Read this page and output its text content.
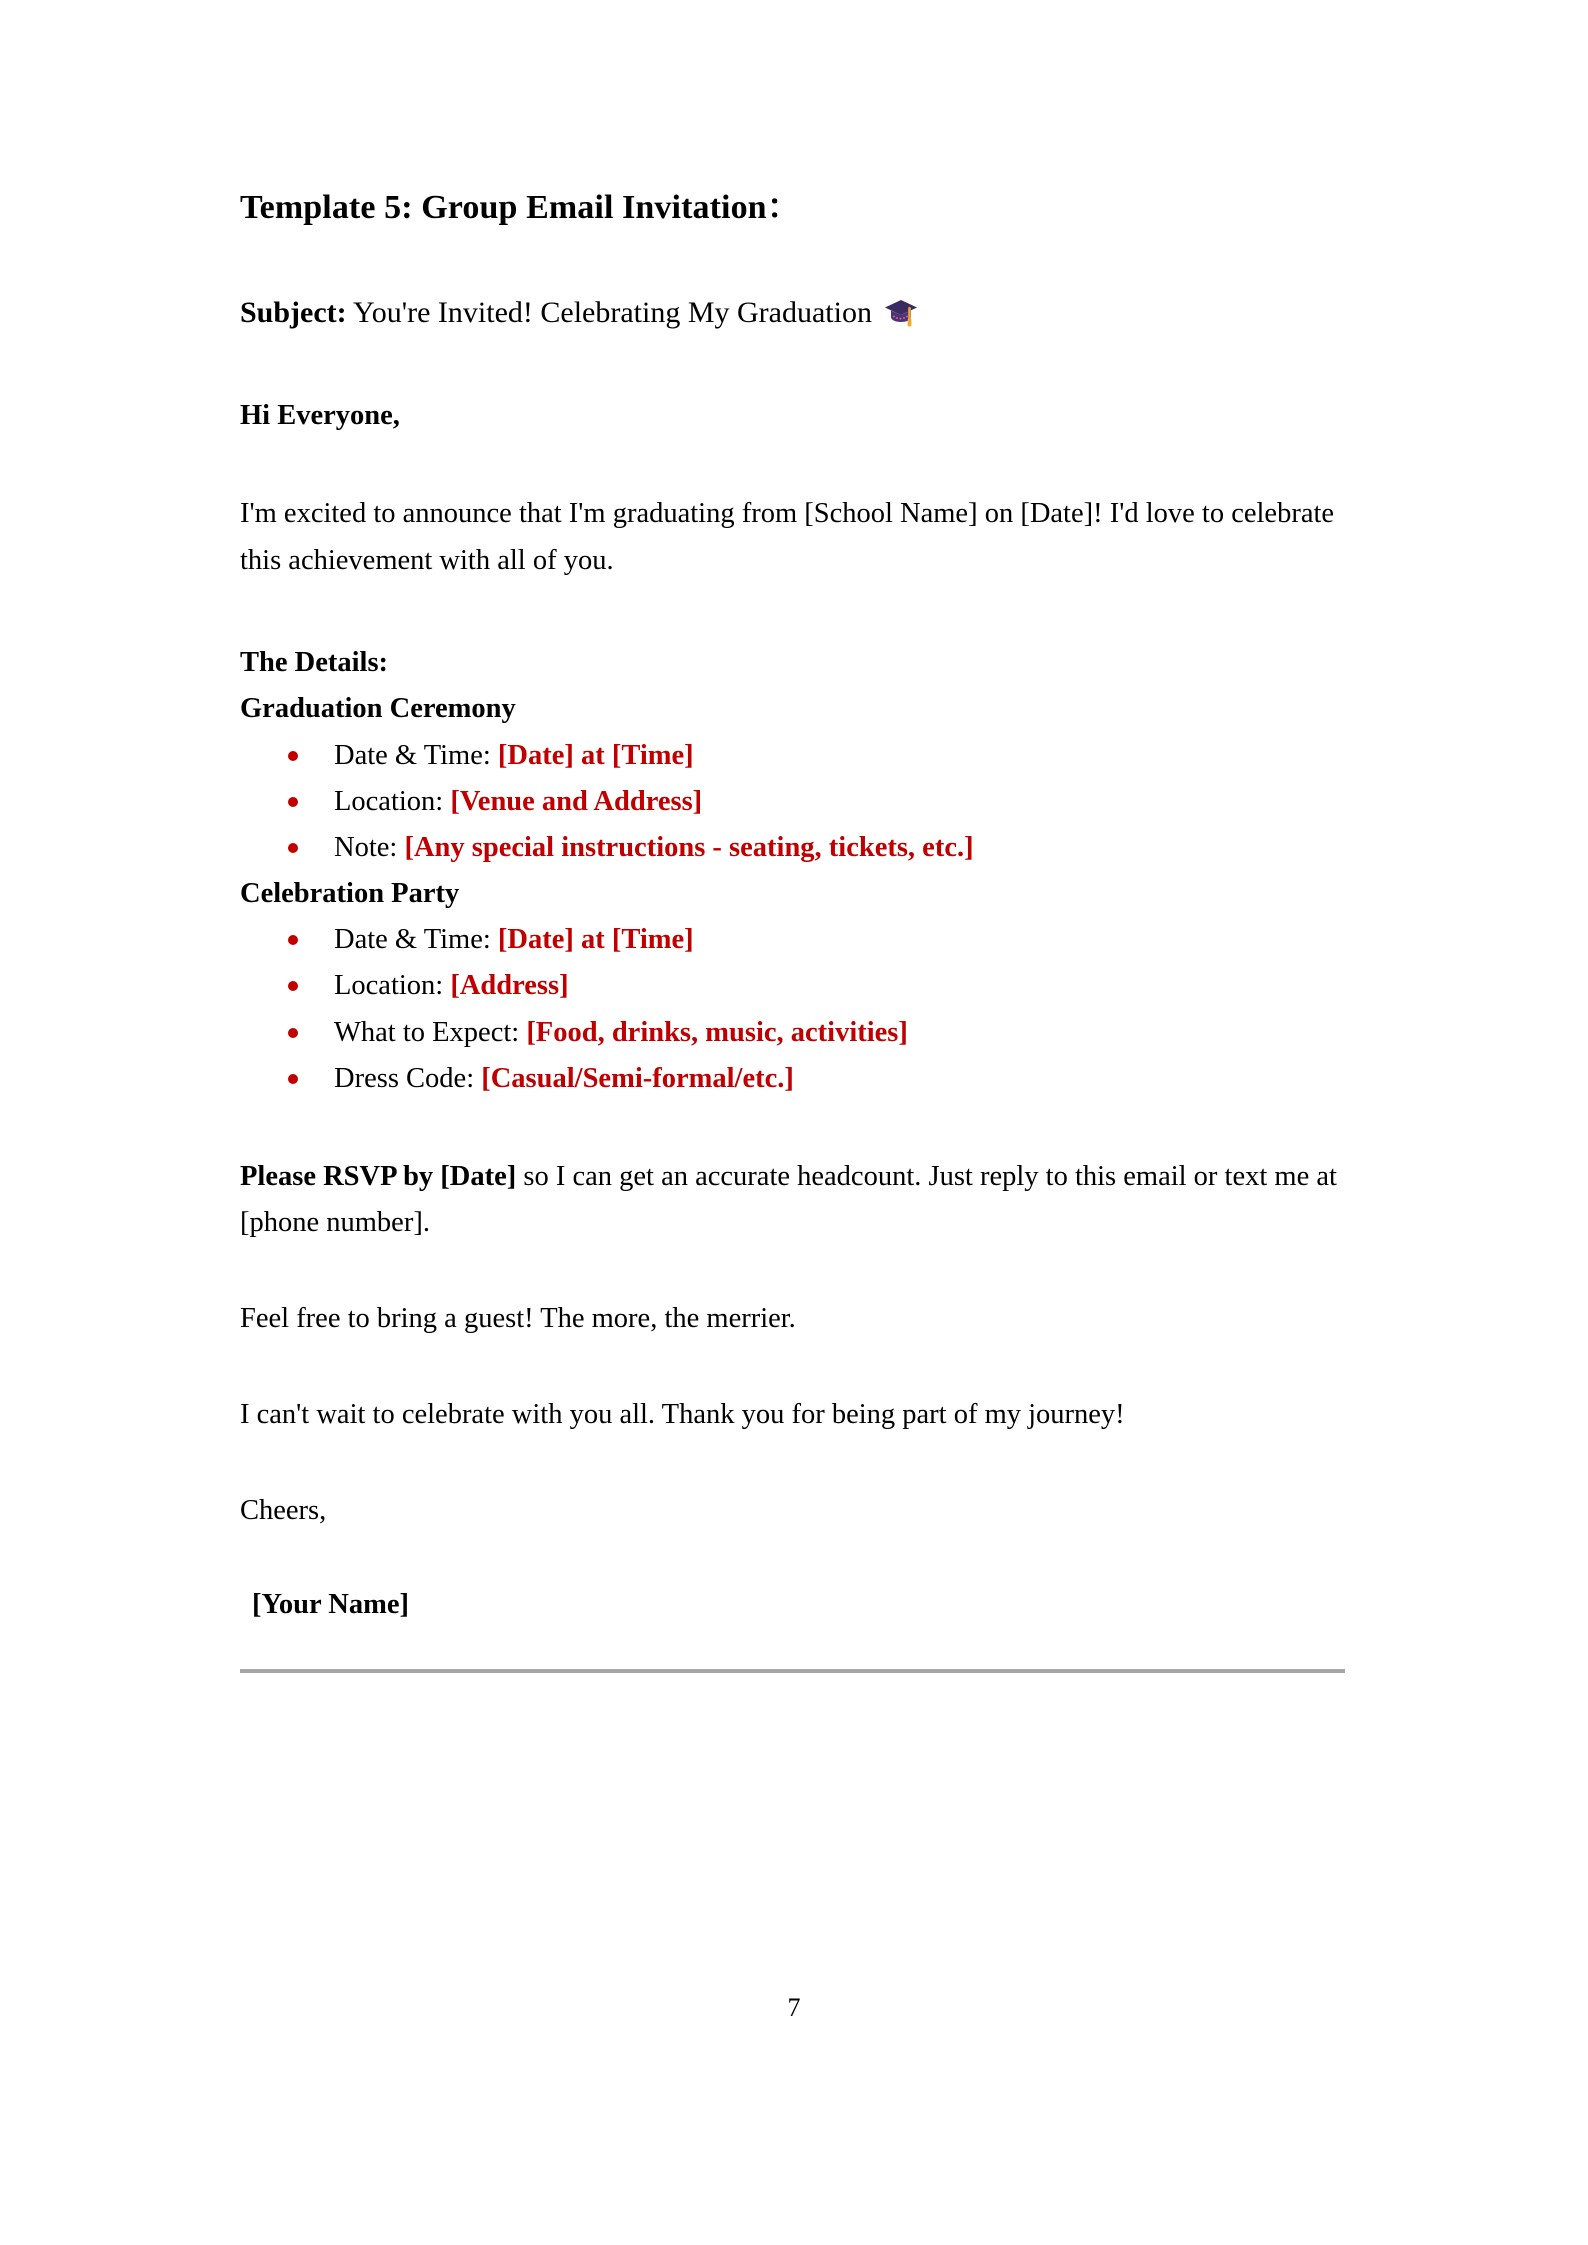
Template 5: Group Email Invitation：

Subject: You're Invited! Celebrating My Graduation

Hi Everyone,

I'm excited to announce that I'm graduating from [School Name] on [Date]! I'd love to celebrate this achievement with all of you.

The Details:

Graduation Ceremony

Date & Time: [Date] at [Time]
Location: [Venue and Address]
Note: [Any special instructions - seating, tickets, etc.]

Celebration Party

Date & Time: [Date] at [Time]
Location: [Address]
What to Expect: [Food, drinks, music, activities]
Dress Code: [Casual/Semi-formal/etc.]

Please RSVP by [Date] so I can get an accurate headcount. Just reply to this email or text me at [phone number].

Feel free to bring a guest! The more, the merrier.

I can't wait to celebrate with you all. Thank you for being part of my journey!

Cheers,

[Your Name]

7
